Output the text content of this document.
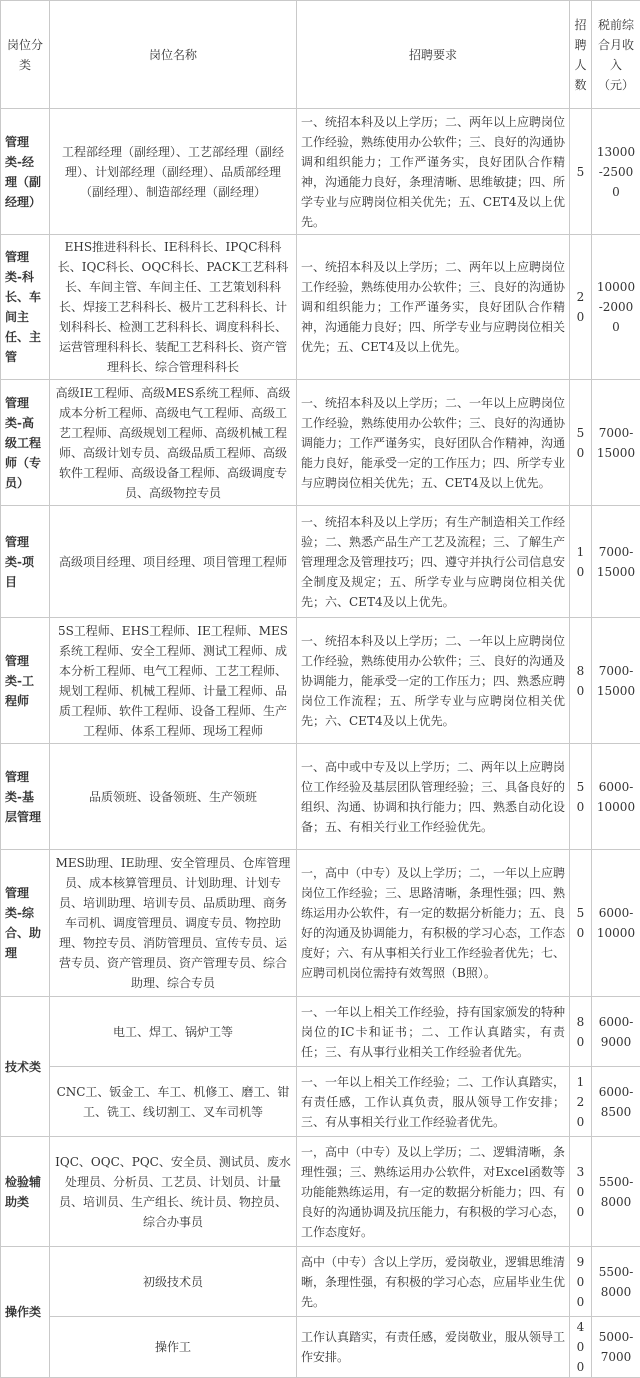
岗位分类	岗位名称	招聘要求	招聘人数	税前综合月收入（元）
管理类-经理（副经理）	工程部经理（副经理）、工艺部经理（副经理）、计划部经理（副经理）、品质部经理（副经理）、制造部经理（副经理）	一、统招本科及以上学历；二、两年以上应聘岗位工作经验，熟练使用办公软件；三、良好的沟通协调和组织能力；工作严谨务实，良好团队合作精神，沟通能力良好，条理清晰、思维敏捷；四、所学专业与应聘岗位相关优先；五、CET4及以上优先。	5	13000-25000
管理类-科长、车间主任、主管	EHS推进科科长、IE科科长、IPQC科科长、IQC科长、OQC科长、PACK工艺科科长、车间主管、车间主任、工艺策划科科长、焊接工艺科科长、极片工艺科科长、计划科科长、检测工艺科科长、调度科科长、运营管理科科长、装配工艺科科长、资产管理科长、综合管理科科长	一、统招本科及以上学历；二、两年以上应聘岗位工作经验，熟练使用办公软件；三、良好的沟通协调和组织能力；工作严谨务实，良好团队合作精神，沟通能力良好；四、所学专业与应聘岗位相关优先；五、CET4及以上优先。	20	10000-20000
管理类-高级工程师（专员）	高级IE工程师、高级MES系统工程师、高级成本分析工程师、高级电气工程师、高级工艺工程师、高级规划工程师、高级机械工程师、高级计划专员、高级品质工程师、高级软件工程师、高级设备工程师、高级调度专员、高级物控专员	一、统招本科及以上学历；二、一年以上应聘岗位工作经验，熟练使用办公软件；三、良好的沟通协调能力；工作严谨务实，良好团队合作精神，沟通能力良好，能承受一定的工作压力；四、所学专业与应聘岗位相关优先；五、CET4及以上优先。	50	7000-15000
管理类-项目	高级项目经理、项目经理、项目管理工程师	一、统招本科及以上学历；有生产制造相关工作经验；二、熟悉产品生产工艺及流程；三、了解生产管理理念及管理技巧；四、遵守并执行公司信息安全制度及规定；五、所学专业与应聘岗位相关优先；六、CET4及以上优先。	10	7000-15000
管理类-工程师	5S工程师、EHS工程师、IE工程师、MES系统工程师、安全工程师、测试工程师、成本分析工程师、电气工程师、工艺工程师、规划工程师、机械工程师、计量工程师、品质工程师、软件工程师、设备工程师、生产工程师、体系工程师、现场工程师	一、统招本科及以上学历；二、一年以上应聘岗位工作经验，熟练使用办公软件；三、良好的沟通及协调能力，能承受一定的工作压力；四、熟悉应聘岗位工作流程；五、所学专业与应聘岗位相关优先；六、CET4及以上优先。	80	7000-15000
管理类-基层管理	品质领班、设备领班、生产领班	一、高中或中专及以上学历；二、两年以上应聘岗位工作经验及基层团队管理经验；三、具备良好的组织、沟通、协调和执行能力；四、熟悉自动化设备；五、有相关行业工作经验优先。	50	6000-10000
管理类-综合、助理	MES助理、IE助理、安全管理员、仓库管理员、成本核算管理员、计划助理、计划专员、培训助理、培训专员、品质助理、商务车司机、调度管理员、调度专员、物控助理、物控专员、消防管理员、宣传专员、运营专员、资产管理员、资产管理专员、综合助理、综合专员	一，高中（中专）及以上学历；二，一年以上应聘岗位工作经验；三、思路清晰，条理性强；四、熟练运用办公软件，有一定的数据分析能力；五、良好的沟通及协调能力，有积极的学习心态，工作态度好；六、有从事相关行业工作经验者优先；七、应聘司机岗位需持有效驾照（B照）。	50	6000-10000
技术类	电工、焊工、锅炉工等	一、一年以上相关工作经验，持有国家颁发的特种岗位的IC卡和证书；二、工作认真踏实，有责任；三、有从事行业相关工作经验者优先。	80	6000-9000
	CNC工、钣金工、车工、机修工、磨工、钳工、铣工、线切割工、叉车司机等	一、一年以上相关工作经验；二、工作认真踏实，有责任感，工作认真负责，服从领导工作安排；三、有从事相关行业工作经验者优先。	120	6000-8500
检验辅助类	IQC、OQC、PQC、安全员、测试员、废水处理员、分析员、工艺员、计划员、计量员、培训员、生产组长、统计员、物控员、综合办事员	一，高中（中专）及以上学历；二、逻辑清晰，条理性强；三、熟练运用办公软件，对Excel函数等功能能熟练运用，有一定的数据分析能力；四、有良好的沟通协调及抗压能力，有积极的学习心态，工作态度好。	300	5500-8000
操作类	初级技术员	高中（中专）含以上学历，爱岗敬业，逻辑思维清晰，条理性强，有积极的学习心态，应届毕业生优先。	900	5500-8000
	操作工	工作认真踏实，有责任感，爱岗敬业，服从领导工作安排。	400	5000-7000
